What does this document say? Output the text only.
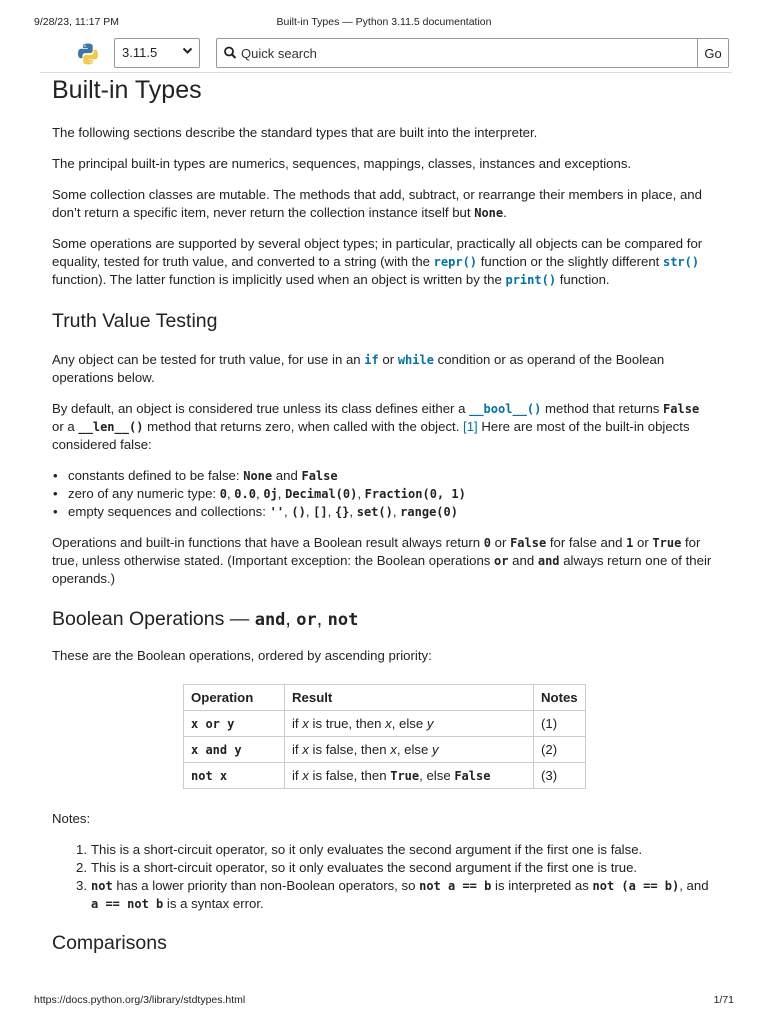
9/28/23, 11:17 PM	Built-in Types — Python 3.11.5 documentation
3.11.5	Quick search	Go
Built-in Types

The following sections describe the standard types that are built into the interpreter.

The principal built-in types are numerics, sequences, mappings, classes, instances and exceptions.

Some collection classes are mutable. The methods that add, subtract, or rearrange their members in place, and don’t return a specific item, never return the collection instance itself but None.

Some operations are supported by several object types; in particular, practically all objects can be compared for equality, tested for truth value, and converted to a string (with the repr() function or the slightly different str() function). The latter function is implicitly used when an object is written by the print() function.

Truth Value Testing

Any object can be tested for truth value, for use in an if or while condition or as operand of the Boolean operations below.

By default, an object is considered true unless its class defines either a __bool__() method that returns False or a __len__() method that returns zero, when called with the object. [1] Here are most of the built-in objects considered false:

• constants defined to be false: None and False
• zero of any numeric type: 0, 0.0, 0j, Decimal(0), Fraction(0, 1)
• empty sequences and collections: '', (), [], {}, set(), range(0)

Operations and built-in functions that have a Boolean result always return 0 or False for false and 1 or True for true, unless otherwise stated. (Important exception: the Boolean operations or and and always return one of their operands.)

Boolean Operations — and, or, not

These are the Boolean operations, ordered by ascending priority:

Operation	Result	Notes
x or y	if x is true, then x, else y	(1)
x and y	if x is false, then x, else y	(2)
not x	if x is false, then True, else False	(3)

Notes:

1. This is a short-circuit operator, so it only evaluates the second argument if the first one is false.
2. This is a short-circuit operator, so it only evaluates the second argument if the first one is true.
3. not has a lower priority than non-Boolean operators, so not a == b is interpreted as not (a == b), and a == not b is a syntax error.
Comparisons
https://docs.python.org/3/library/stdtypes.html	1/71
